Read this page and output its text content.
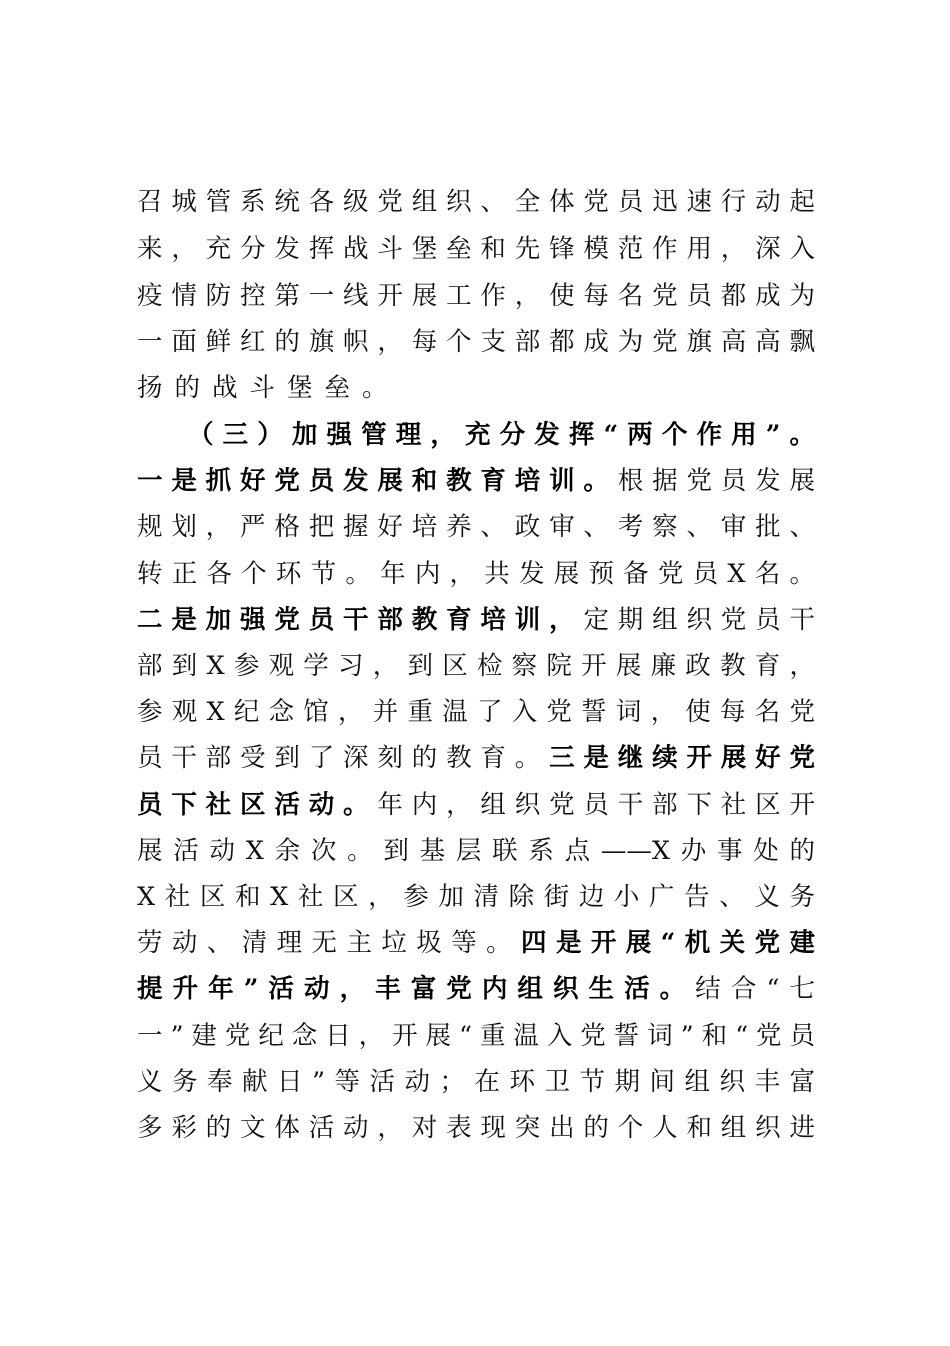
召城管系统各级党组织、全体党员迅速行动起
来，充分发挥战斗堡垒和先锋模范作用，深入
疫情防控第一线开展工作，使每名党员都成为
一面鲜红的旗帜，每个支部都成为党旗高高飘
扬的战斗堡垒。
（三）加强管理，充分发挥“两个作用”。
一是抓好党员发展和教育培训。根据党员发展
规划，严格把握好培养、政审、考察、审批、
转正各个环节。年内，共发展预备党员X名。
二是加强党员干部教育培训，定期组织党员干
部到X参观学习，到区检察院开展廉政教育，
参观X纪念馆，并重温了入党誓词，使每名党
员干部受到了深刻的教育。三是继续开展好党
员下社区活动。年内，组织党员干部下社区开
展活动X余次。到基层联系点——X办事处的
X社区和X社区，参加清除街边小广告、义务
劳动、清理无主垃圾等。四是开展“机关党建
提升年”活动，丰富党内组织生活。结合“七
一”建党纪念日，开展“重温入党誓词”和“党员
义务奉献日”等活动；在环卫节期间组织丰富
多彩的文体活动，对表现突出的个人和组织进
